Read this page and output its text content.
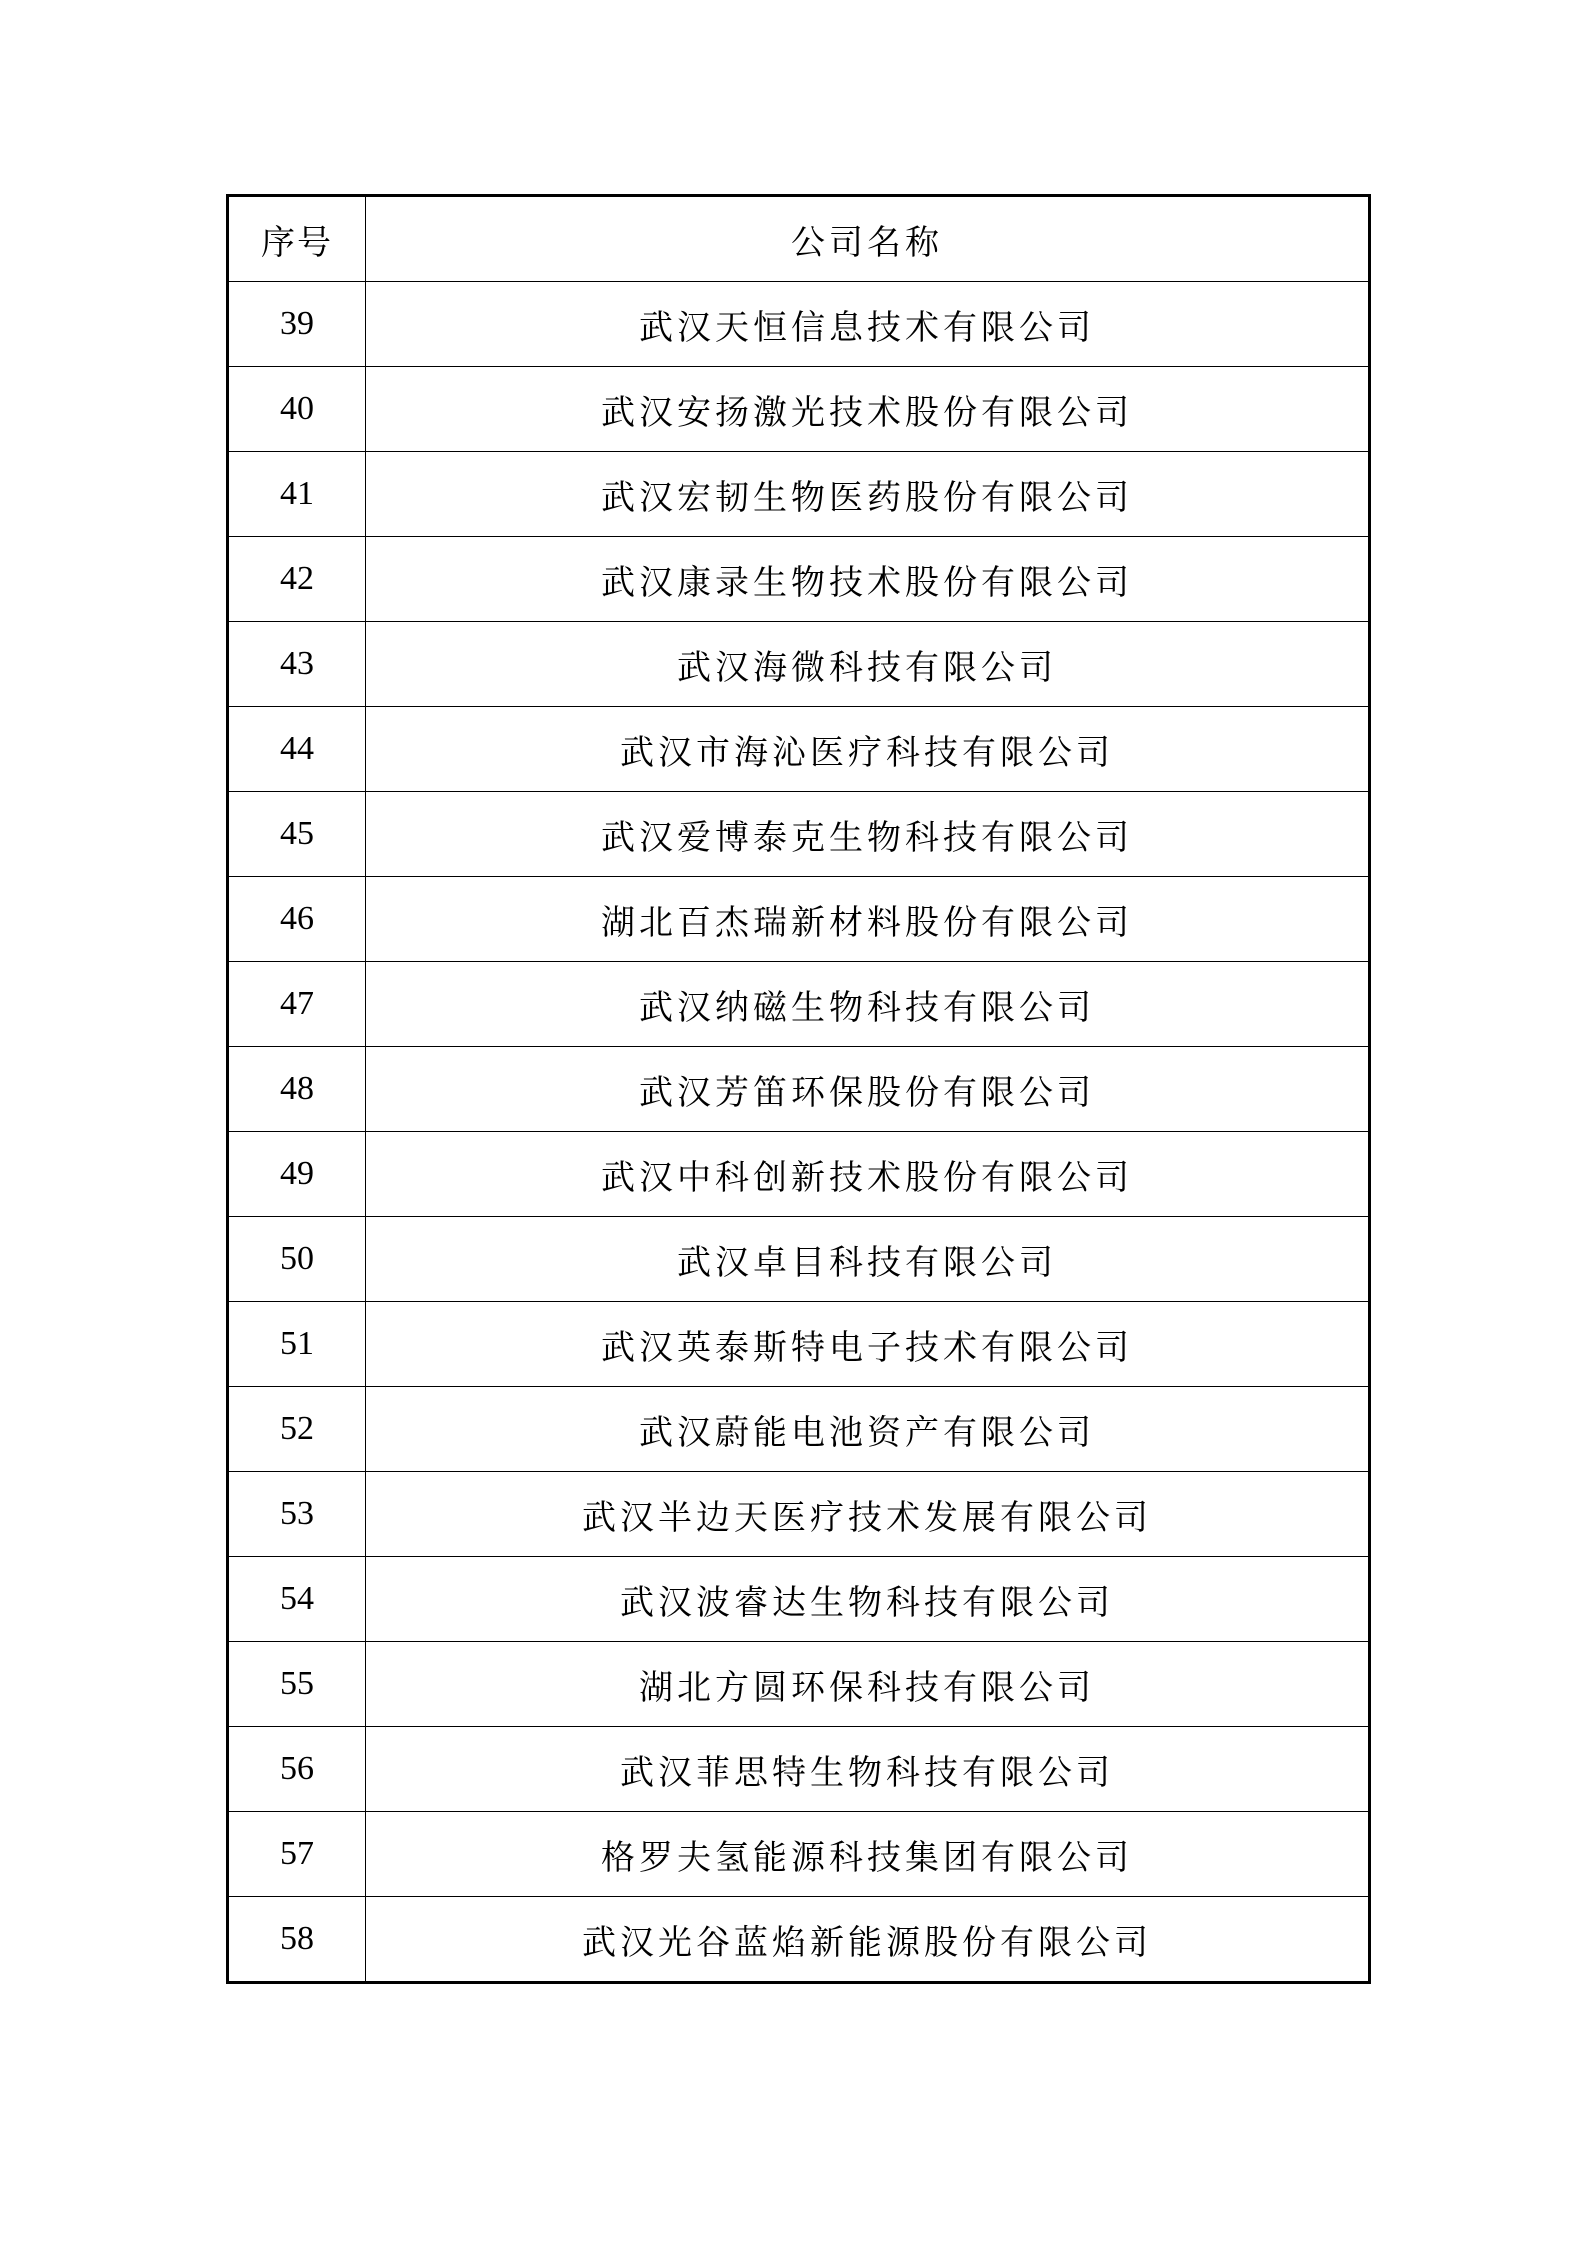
序号	公司名称
39	武汉天恒信息技术有限公司
40	武汉安扬激光技术股份有限公司
41	武汉宏韧生物医药股份有限公司
42	武汉康录生物技术股份有限公司
43	武汉海微科技有限公司
44	武汉市海沁医疗科技有限公司
45	武汉爱博泰克生物科技有限公司
46	湖北百杰瑞新材料股份有限公司
47	武汉纳磁生物科技有限公司
48	武汉芳笛环保股份有限公司
49	武汉中科创新技术股份有限公司
50	武汉卓目科技有限公司
51	武汉英泰斯特电子技术有限公司
52	武汉蔚能电池资产有限公司
53	武汉半边天医疗技术发展有限公司
54	武汉波睿达生物科技有限公司
55	湖北方圆环保科技有限公司
56	武汉菲思特生物科技有限公司
57	格罗夫氢能源科技集团有限公司
58	武汉光谷蓝焰新能源股份有限公司
